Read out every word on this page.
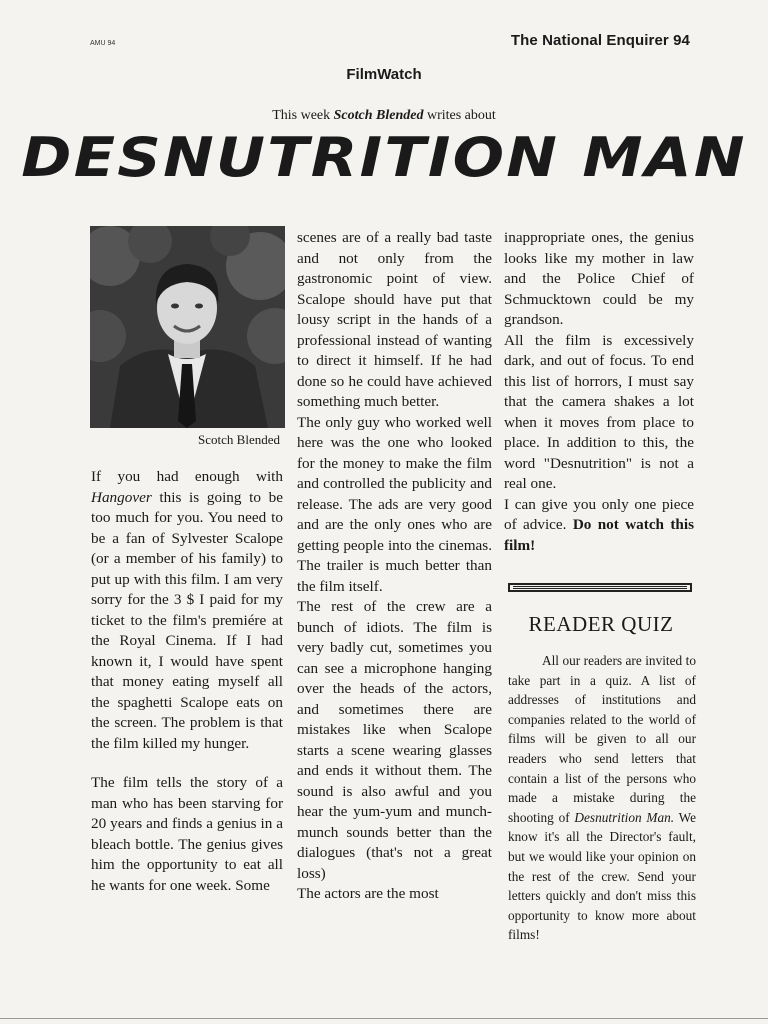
AMU 94	The National Enquirer 94
FilmWatch
This week Scotch Blended writes about
DESNUTRITION MAN
Scotch Blended

If you had enough with Hangover this is going to be too much for you. You need to be a fan of Sylvester Scalope (or a member of his family) to put up with this film. I am very sorry for the 3 $ I paid for my ticket to the film's premiére at the Royal Cinema. If I had known it, I would have spent that money eating myself all the spaghetti Scalope eats on the screen. The problem is that the film killed my hunger.

The film tells the story of a man who has been starving for 20 years and finds a genius in a bleach bottle. The genius gives him the opportunity to eat all he wants for one week. Some

scenes are of a really bad taste and not only from the gastronomic point of view. Scalope should have put that lousy script in the hands of a professional instead of wanting to direct it himself. If he had done so he could have achieved something much better.

The only guy who worked well here was the one who looked for the money to make the film and controlled the publicity and release. The ads are very good and are the only ones who are getting people into the cinemas. The trailer is much better than the film itself.

The rest of the crew are a bunch of idiots. The film is very badly cut, sometimes you can see a microphone hanging over the heads of the actors, and sometimes there are mistakes like when Scalope starts a scene wearing glasses and ends it without them. The sound is also awful and you hear the yum-yum and munch-munch sounds better than the dialogues (that's not a great loss)

The actors are the most

inappropriate ones, the genius looks like my mother in law and the Police Chief of Schmucktown could be my grandson.

All the film is excessively dark, and out of focus. To end this list of horrors, I must say that the camera shakes a lot when it moves from place to place. In addition to this, the word "Desnutrition" is not a real one.

I can give you only one piece of advice. Do not watch this film!

READER QUIZ
All our readers are invited to take part in a quiz. A list of addresses of institutions and companies related to the world of films will be given to all our readers who send letters that contain a list of the persons who made a mistake during the shooting of Desnutrition Man. We know it's all the Director's fault, but we would like your opinion on the rest of the crew. Send your letters quickly and don't miss this opportunity to know more about films!
